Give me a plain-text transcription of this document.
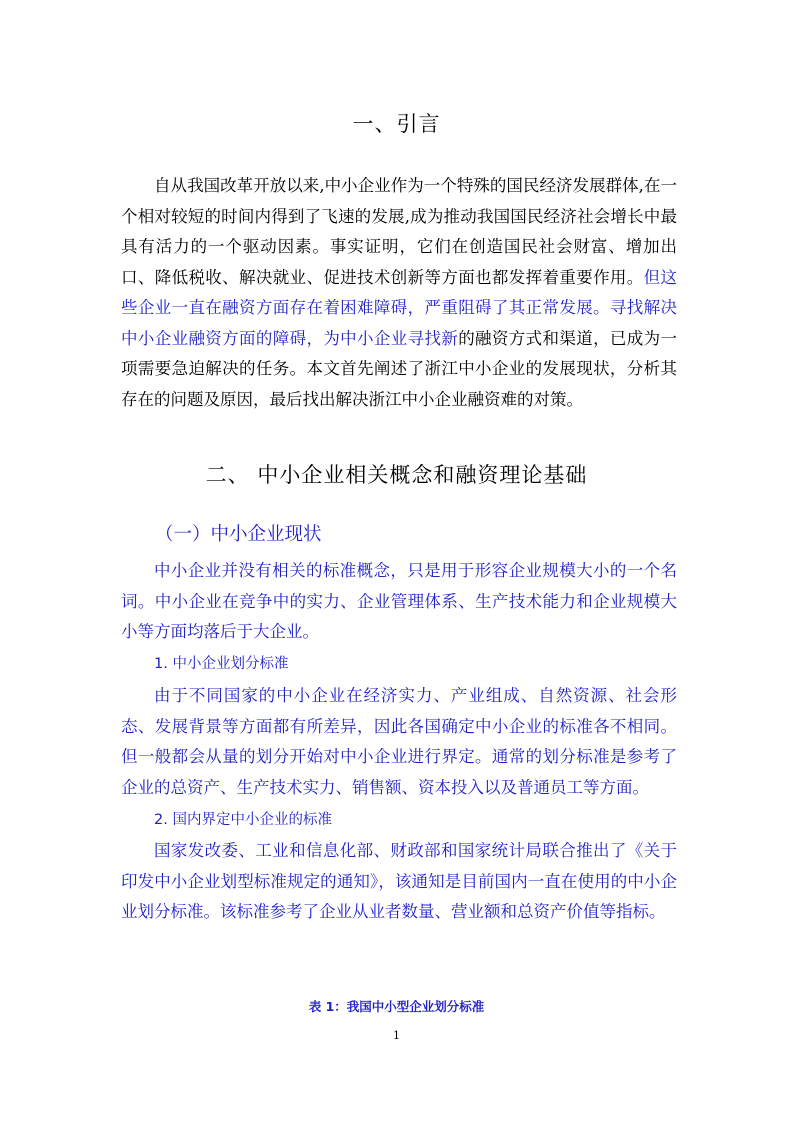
一、引言

自从我国改革开放以来,中小企业作为一个特殊的国民经济发展群体,在一个相对较短的时间内得到了飞速的发展,成为推动我国国民经济社会增长中最具有活力的一个驱动因素。事实证明，它们在创造国民社会财富、增加出口、降低税收、解决就业、促进技术创新等方面也都发挥着重要作用。但这些企业一直在融资方面存在着困难障碍，严重阻碍了其正常发展。寻找解决中小企业融资方面的障碍，为中小企业寻找新的融资方式和渠道，已成为一项需要急迫解决的任务。本文首先阐述了浙江中小企业的发展现状，分析其存在的问题及原因，最后找出解决浙江中小企业融资难的对策。

二、 中小企业相关概念和融资理论基础
（一）中小企业现状

中小企业并没有相关的标准概念，只是用于形容企业规模大小的一个名词。中小企业在竞争中的实力、企业管理体系、生产技术能力和企业规模大小等方面均落后于大企业。

1. 中小企业划分标准

由于不同国家的中小企业在经济实力、产业组成、自然资源、社会形态、发展背景等方面都有所差异，因此各国确定中小企业的标准各不相同。但一般都会从量的划分开始对中小企业进行界定。通常的划分标准是参考了企业的总资产、生产技术实力、销售额、资本投入以及普通员工等方面。

2. 国内界定中小企业的标准

国家发改委、工业和信息化部、财政部和国家统计局联合推出了《关于印发中小企业划型标准规定的通知》，该通知是目前国内一直在使用的中小企业划分标准。该标准参考了企业从业者数量、营业额和总资产价值等指标。

表 1：我国中小型企业划分标准
1
